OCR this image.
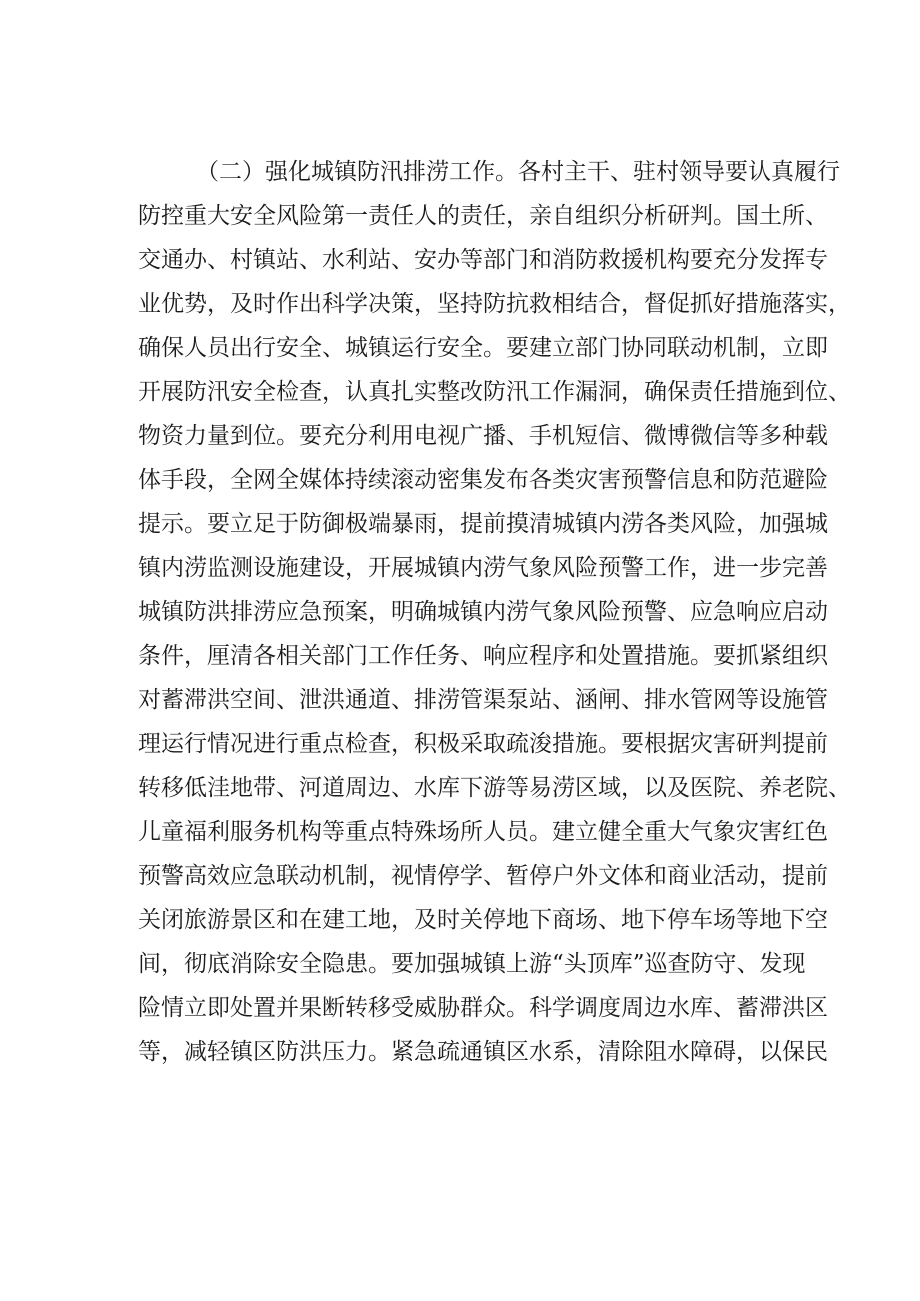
（二）强化城镇防汛排涝工作。各村主干、驻村领导要认真履行
防控重大安全风险第一责任人的责任，亲自组织分析研判。国土所、
交通办、村镇站、水利站、安办等部门和消防救援机构要充分发挥专
业优势，及时作出科学决策，坚持防抗救相结合，督促抓好措施落实，
确保人员出行安全、城镇运行安全。要建立部门协同联动机制，立即
开展防汛安全检查，认真扎实整改防汛工作漏洞，确保责任措施到位、
物资力量到位。要充分利用电视广播、手机短信、微博微信等多种载
体手段，全网全媒体持续滚动密集发布各类灾害预警信息和防范避险
提示。要立足于防御极端暴雨，提前摸清城镇内涝各类风险，加强城
镇内涝监测设施建设，开展城镇内涝气象风险预警工作，进一步完善
城镇防洪排涝应急预案，明确城镇内涝气象风险预警、应急响应启动
条件，厘清各相关部门工作任务、响应程序和处置措施。要抓紧组织
对蓄滞洪空间、泄洪通道、排涝管渠泵站、涵闸、排水管网等设施管
理运行情况进行重点检查，积极采取疏浚措施。要根据灾害研判提前
转移低洼地带、河道周边、水库下游等易涝区域，以及医院、养老院、
儿童福利服务机构等重点特殊场所人员。建立健全重大气象灾害红色
预警高效应急联动机制，视情停学、暂停户外文体和商业活动，提前
关闭旅游景区和在建工地，及时关停地下商场、地下停车场等地下空
间，彻底消除安全隐患。要加强城镇上游“头顶库”巡查防守、发现
险情立即处置并果断转移受威胁群众。科学调度周边水库、蓄滞洪区
等，减轻镇区防洪压力。紧急疏通镇区水系，清除阻水障碍，以保民
